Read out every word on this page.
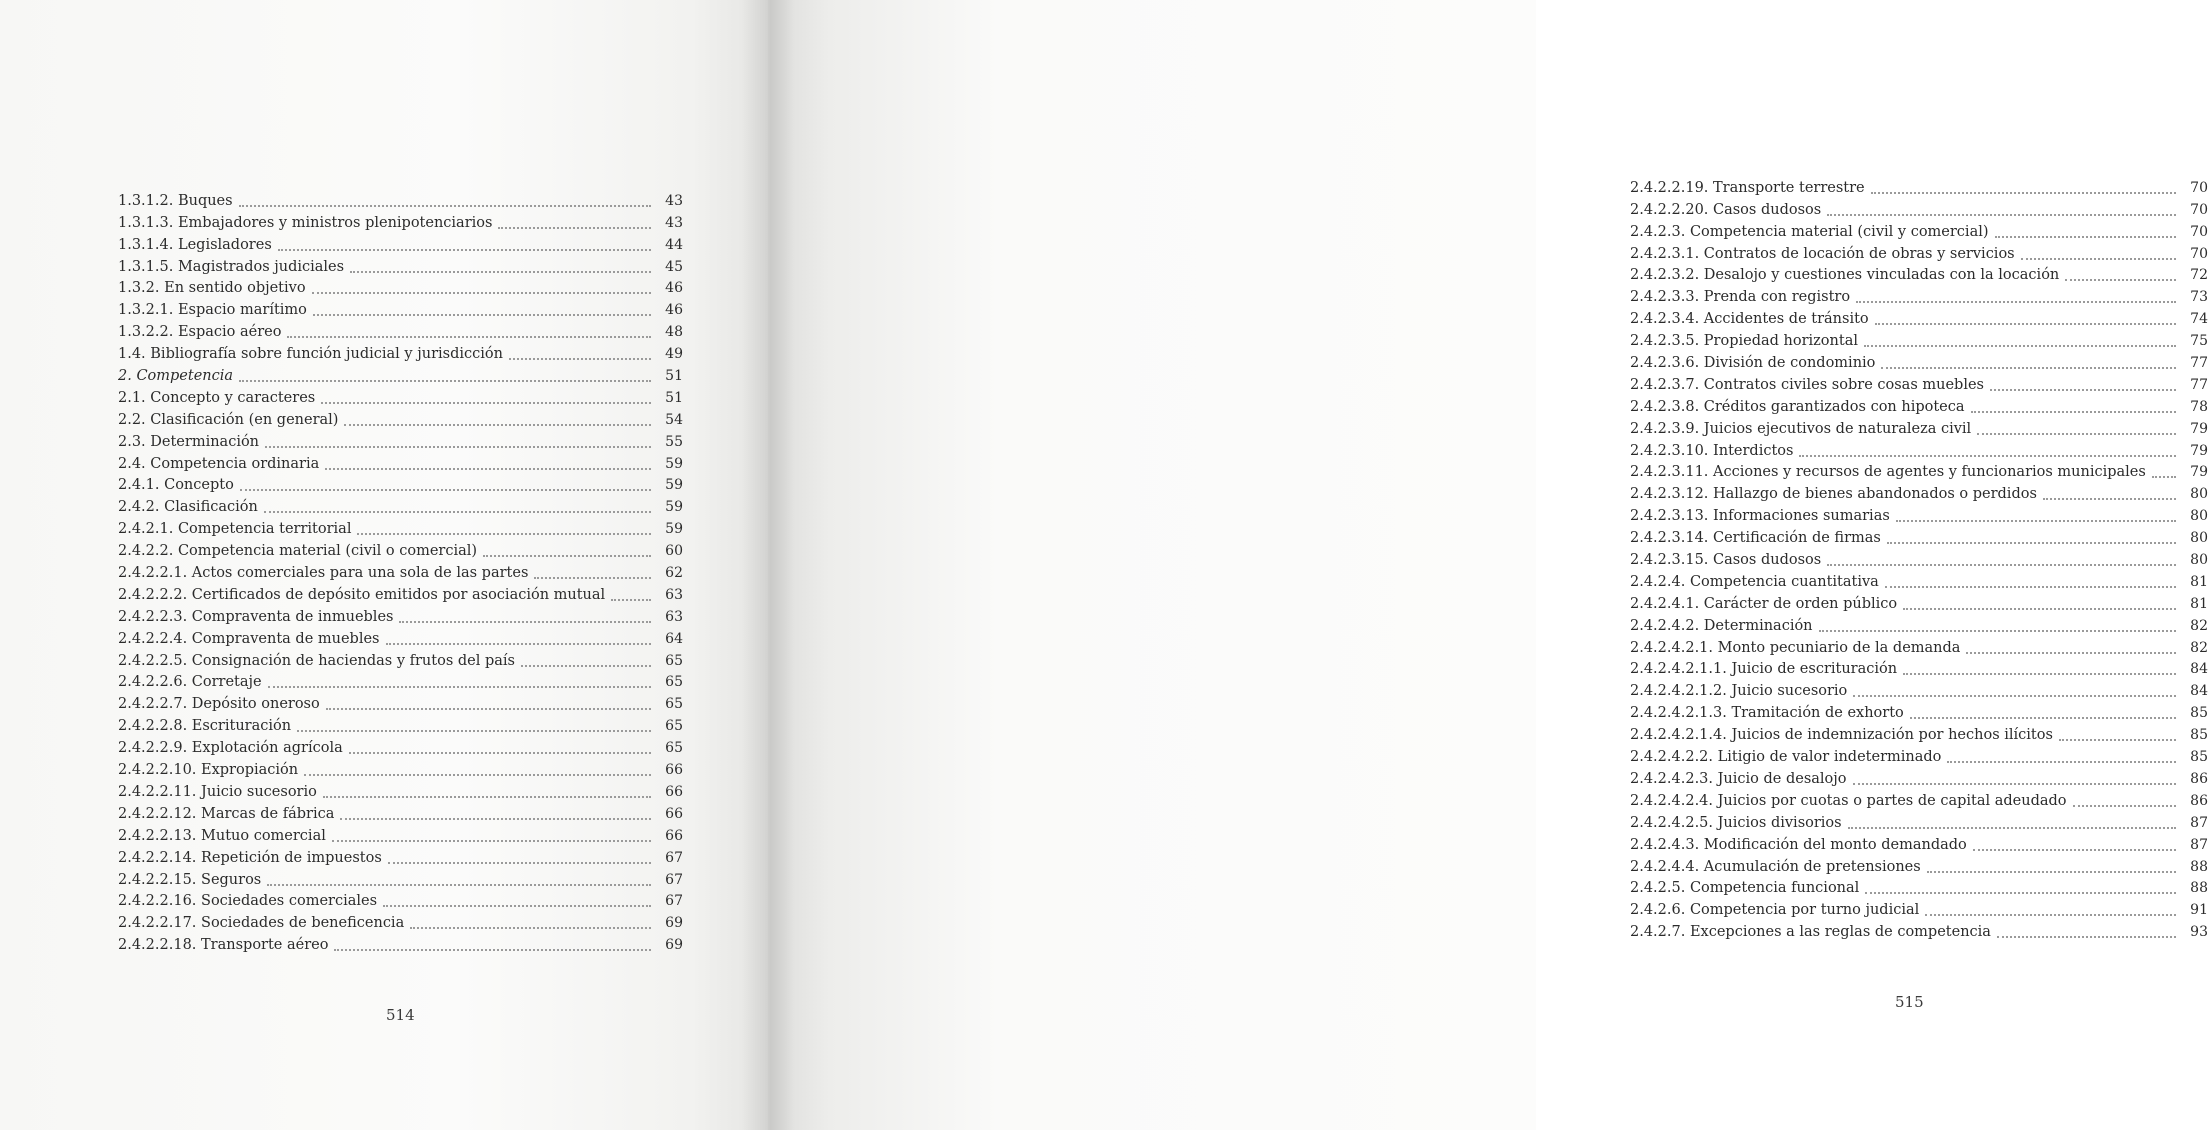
1.3.1.2. Buques	43
1.3.1.3. Embajadores y ministros plenipotenciarios	43
1.3.1.4. Legisladores	44
1.3.1.5. Magistrados judiciales	45
1.3.2. En sentido objetivo	46
1.3.2.1. Espacio marítimo	46
1.3.2.2. Espacio aéreo	48
1.4. Bibliografía sobre función judicial y jurisdicción	49
2. Competencia	51
2.1. Concepto y caracteres	51
2.2. Clasificación (en general)	54
2.3. Determinación	55
2.4. Competencia ordinaria	59
2.4.1. Concepto	59
2.4.2. Clasificación	59
2.4.2.1. Competencia territorial	59
2.4.2.2. Competencia material (civil o comercial)	60
2.4.2.2.1. Actos comerciales para una sola de las partes	62
2.4.2.2.2. Certificados de depósito emitidos por asociación mutual	63
2.4.2.2.3. Compraventa de inmuebles	63
2.4.2.2.4. Compraventa de muebles	64
2.4.2.2.5. Consignación de haciendas y frutos del país	65
2.4.2.2.6. Corretaje	65
2.4.2.2.7. Depósito oneroso	65
2.4.2.2.8. Escrituración	65
2.4.2.2.9. Explotación agrícola	65
2.4.2.2.10. Expropiación	66
2.4.2.2.11. Juicio sucesorio	66
2.4.2.2.12. Marcas de fábrica	66
2.4.2.2.13. Mutuo comercial	66
2.4.2.2.14. Repetición de impuestos	67
2.4.2.2.15. Seguros	67
2.4.2.2.16. Sociedades comerciales	67
2.4.2.2.17. Sociedades de beneficencia	69
2.4.2.2.18. Transporte aéreo	69
514
2.4.2.2.19. Transporte terrestre	70
2.4.2.2.20. Casos dudosos	70
2.4.2.3. Competencia material (civil y comercial)	70
2.4.2.3.1. Contratos de locación de obras y servicios	70
2.4.2.3.2. Desalojo y cuestiones vinculadas con la locación	72
2.4.2.3.3. Prenda con registro	73
2.4.2.3.4. Accidentes de tránsito	74
2.4.2.3.5. Propiedad horizontal	75
2.4.2.3.6. División de condominio	77
2.4.2.3.7. Contratos civiles sobre cosas muebles	77
2.4.2.3.8. Créditos garantizados con hipoteca	78
2.4.2.3.9. Juicios ejecutivos de naturaleza civil	79
2.4.2.3.10. Interdictos	79
2.4.2.3.11. Acciones y recursos de agentes y funcionarios municipales	79
2.4.2.3.12. Hallazgo de bienes abandonados o perdidos	80
2.4.2.3.13. Informaciones sumarias	80
2.4.2.3.14. Certificación de firmas	80
2.4.2.3.15. Casos dudosos	80
2.4.2.4. Competencia cuantitativa	81
2.4.2.4.1. Carácter de orden público	81
2.4.2.4.2. Determinación	82
2.4.2.4.2.1. Monto pecuniario de la demanda	82
2.4.2.4.2.1.1. Juicio de escrituración	84
2.4.2.4.2.1.2. Juicio sucesorio	84
2.4.2.4.2.1.3. Tramitación de exhorto	85
2.4.2.4.2.1.4. Juicios de indemnización por hechos ilícitos	85
2.4.2.4.2.2. Litigio de valor indeterminado	85
2.4.2.4.2.3. Juicio de desalojo	86
2.4.2.4.2.4. Juicios por cuotas o partes de capital adeudado	86
2.4.2.4.2.5. Juicios divisorios	87
2.4.2.4.3. Modificación del monto demandado	87
2.4.2.4.4. Acumulación de pretensiones	88
2.4.2.5. Competencia funcional	88
2.4.2.6. Competencia por turno judicial	91
2.4.2.7. Excepciones a las reglas de competencia	93
515
